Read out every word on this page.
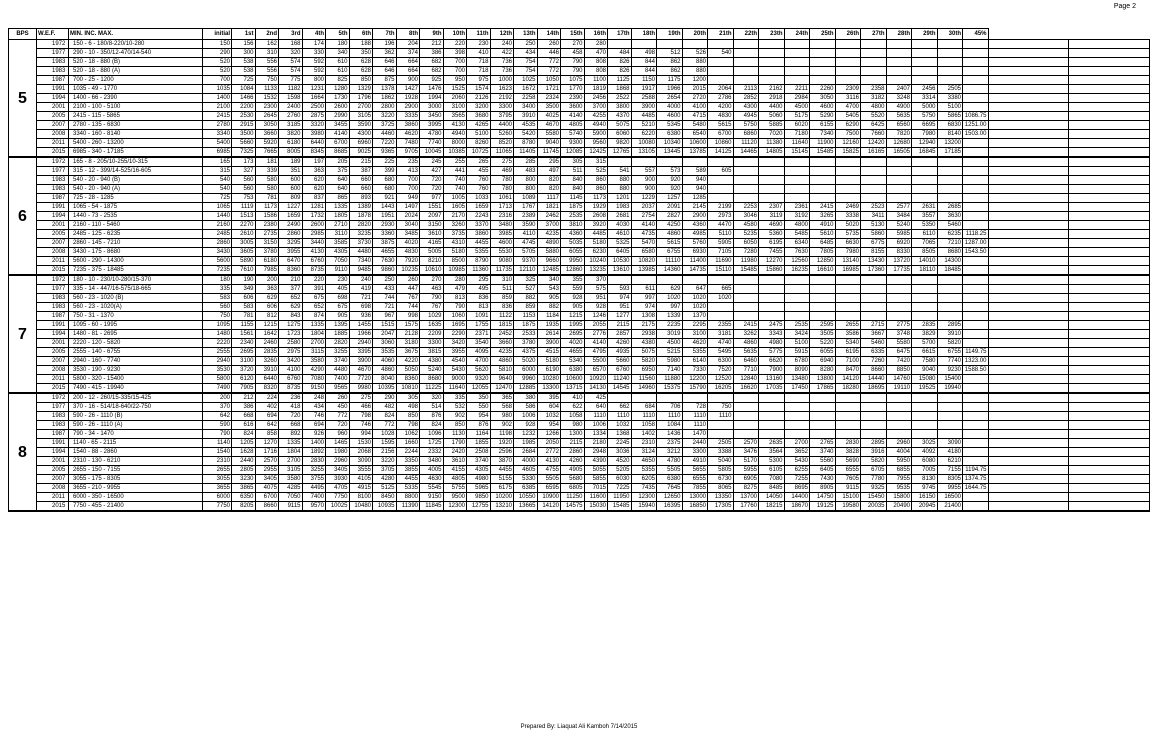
Page 2
BPS	W.E.F.	MIN. INC. MAX.	initial	1st	2nd	3rd	4th	5th	6th	7th	8th	9th	10th	11th	12th	13th	14th	15th	16th	17th	18th	19th	20th	21th	22th	23th	24th	25th	26th	27th	28th	29th	30th	45%		
5	1972	150 - 6 - 180/8-220/10-280	150	156	162	168	174	180	188	196	204	212	220	230	240	250	260	270	280																	
	1977	290 - 10 - 350/12-470/14-540	290	300	310	320	330	340	350	362	374	386	398	410	422	434	446	458	470	484	498	512	526	540												
	1983	520 - 18 - 880 (B)	520	538	556	574	592	610	628	646	664	682	700	718	736	754	772	790	808	826	844	862	880													
	1983	520 - 18 - 880 (A)	520	538	556	574	592	610	628	646	664	682	700	718	736	754	772	790	808	826	844	862	880													
	1987	700 - 25 - 1200	700	725	750	775	800	825	850	875	900	925	950	975	1000	1025	1050	1075	1100	1125	1150	1175	1200													
	1991	1035 - 49 - 1770	1035	1084	1133	1182	1231	1280	1329	1378	1427	1476	1525	1574	1623	1672	1721	1770	1819	1868	1917	1966	2015	2064	2113	2162	2211	2260	2309	2358	2407	2456	2505			
	1994	1400 - 66 - 2390	1400	1466	1532	1598	1664	1730	1796	1862	1928	1994	2060	2126	2192	2258	2324	2390	2456	2522	2588	2654	2720	2786	2852	2918	2984	3050	3116	3182	3248	3314	3380			
	2001	2100 - 100 - 5100	2100	2200	2300	2400	2500	2600	2700	2800	2900	3000	3100	3200	3300	3400	3500	3600	3700	3800	3900	4000	4100	4200	4300	4400	4500	4600	4700	4800	4900	5000	5100			
	2005	2415 - 115 - 5865	2415	2530	2645	2760	2875	2990	3105	3220	3335	3450	3565	3680	3795	3910	4025	4140	4255	4370	4485	4600	4715	4830	4945	5060	5175	5290	5405	5520	5635	5750	5865	1086.75		
	2007	2780 - 135 - 6830	2780	2915	3050	3185	3320	3455	3590	3725	3860	3995	4130	4265	4400	4535	4670	4805	4940	5075	5210	5345	5480	5615	5750	5885	6020	6155	6290	6425	6560	6695	6830	1251.00		
	2008	3340 - 160 - 8140	3340	3500	3660	3820	3980	4140	4300	4460	4620	4780	4940	5100	5260	5420	5580	5740	5900	6060	6220	6380	6540	6700	6860	7020	7180	7340	7500	7660	7820	7980	8140	1503.00		
	2011	5400 - 260 - 13200	5400	5660	5920	6180	6440	6700	6960	7220	7480	7740	8000	8260	8520	8780	9040	9300	9560	9820	10080	10340	10600	10860	11120	11380	11640	11900	12160	12420	12680	12940	13200			
	2015	6985 - 340 - 17185	6985	7325	7665	8005	8345	8685	9025	9365	9705	10045	10385	10725	11065	11405	11745	12085	12425	12765	13105	13445	13785	14125	14465	14805	15145	15485	15825	16165	16505	16845	17185			
6	1972	165 - 8 - 205/10-255/10-315	165	173	181	189	197	205	215	225	235	245	255	265	275	285	295	305	315																	
	1977	315 - 12 - 399/14-525/16-605	315	327	339	351	363	375	387	399	413	427	441	455	469	483	497	511	525	541	557	573	589	605												
	1983	540 - 20 - 940 (B)	540	560	580	600	620	640	660	680	700	720	740	760	780	800	820	840	860	880	900	920	940													
	1983	540 - 20 - 940 (A)	540	560	580	600	620	640	660	680	700	720	740	760	780	800	820	840	860	880	900	920	940													
	1987	725 - 28 - 1285	725	753	781	809	837	865	893	921	949	977	1005	1033	1061	1089	1117	1145	1173	1201	1229	1257	1285													
	1991	1065 - 54 - 1875	1065	1119	1173	1227	1281	1335	1389	1443	1497	1551	1605	1659	1713	1767	1821	1875	1929	1983	2037	2091	2145	2199	2253	2307	2361	2415	2469	2523	2577	2631	2685			
	1994	1440 - 73 - 2535	1440	1513	1586	1659	1732	1805	1878	1951	2024	2097	2170	2243	2316	2389	2462	2535	2608	2681	2754	2827	2900	2973	3046	3119	3192	3265	3338	3411	3484	3557	3630			
	2001	2160 - 110 - 5460	2160	2270	2380	2490	2600	2710	2820	2930	3040	3150	3260	3370	3480	3590	3700	3810	3920	4030	4140	4250	4360	4470	4580	4690	4800	4910	5020	5130	5240	5350	5460			
	2005	2485 - 125 - 6235	2485	2610	2735	2860	2985	3110	3235	3360	3485	3610	3735	3860	3985	4110	4235	4360	4485	4610	4735	4860	4985	5110	5235	5360	5485	5610	5735	5860	5985	6110	6235	1118.25		
	2007	2860 - 145 - 7210	2860	3005	3150	3295	3440	3585	3730	3875	4020	4165	4310	4455	4600	4745	4890	5035	5180	5325	5470	5615	5760	5905	6050	6195	6340	6485	6630	6775	6920	7065	7210	1287.00		
	2008	3430 - 175 - 8680	3430	3605	3780	3955	4130	4305	4480	4655	4830	5005	5180	5355	5530	5705	5880	6055	6230	6405	6580	6755	6930	7105	7280	7455	7630	7805	7980	8155	8330	8505	8680	1543.50		
	2011	5600 - 290 - 14300	5600	5890	6180	6470	6760	7050	7340	7630	7920	8210	8500	8790	9080	9370	9660	9950	10240	10530	10820	11110	11400	11690	11980	12270	12560	12850	13140	13430	13720	14010	14300			
	2015	7235 - 375 - 18485	7235	7610	7985	8360	8735	9110	9485	9860	10235	10610	10985	11360	11735	12110	12485	12860	13235	13610	13985	14360	14735	15110	15485	15860	16235	16610	16985	17360	17735	18110	18485			
7	1972	180 - 10 - 230/10-280/15-370	180	190	200	210	220	230	240	250	260	270	280	295	310	325	340	355	370																	
	1977	335 - 14 - 447/16-575/18-665	335	349	363	377	391	405	419	433	447	463	479	495	511	527	543	559	575	593	611	629	647	665												
	1983	560 - 23 - 1020 (B)	583	606	629	652	675	698	721	744	767	790	813	836	859	882	905	928	951	974	997	1020	1020	1020												
	1983	560 - 23 - 1020(A)	560	583	606	629	652	675	698	721	744	767	790	813	836	859	882	905	928	951	974	997	1020													
	1987	750 - 31 - 1370	750	781	812	843	874	905	936	967	998	1029	1060	1091	1122	1153	1184	1215	1246	1277	1308	1339	1370													
	1991	1095 - 60 - 1995	1095	1155	1215	1275	1335	1395	1455	1515	1575	1635	1695	1755	1815	1875	1935	1995	2055	2115	2175	2235	2295	2355	2415	2475	2535	2595	2655	2715	2775	2835	2895			
	1994	1480 - 81 - 2695	1480	1561	1642	1723	1804	1885	1966	2047	2128	2209	2290	2371	2452	2533	2614	2695	2776	2857	2938	3019	3100	3181	3262	3343	3424	3505	3586	3667	3748	3829	3910			
	2001	2220 - 120 - 5820	2220	2340	2460	2580	2700	2820	2940	3060	3180	3300	3420	3540	3660	3780	3900	4020	4140	4260	4380	4500	4620	4740	4860	4980	5100	5220	5340	5460	5580	5700	5820			
	2005	2555 - 140 - 6755	2555	2695	2835	2975	3115	3255	3395	3535	3675	3815	3955	4095	4235	4375	4515	4655	4795	4935	5075	5215	5355	5495	5635	5775	5915	6055	6195	6335	6475	6615	6755	1149.75		
	2007	2940 - 160 - 7740	2940	3100	3260	3420	3580	3740	3900	4060	4220	4380	4540	4700	4860	5020	5180	5340	5500	5660	5820	5980	6140	6300	6460	6620	6780	6940	7100	7260	7420	7580	7740	1323.00		
	2008	3530 - 190 - 9230	3530	3720	3910	4100	4290	4480	4670	4860	5050	5240	5430	5620	5810	6000	6190	6380	6570	6760	6950	7140	7330	7520	7710	7900	8090	8280	8470	8660	8850	9040	9230	1588.50		
	2011	5800 - 320 - 15400	5800	6120	6440	6760	7080	7400	7720	8040	8360	8680	9000	9320	9640	9960	10280	10600	10920	11240	11560	11880	12200	12520	12840	13160	13480	13800	14120	14440	14760	15080	15400			
	2015	7490 - 415 - 19940	7490	7905	8320	8735	9150	9565	9980	10395	10810	11225	11640	12055	12470	12885	13300	13715	14130	14545	14960	15375	15790	16205	16620	17035	17450	17865	18280	18695	19110	19525	19940			
8	1972	200 - 12 - 260/15-335/15-425	200	212	224	236	248	260	275	290	305	320	335	350	365	380	395	410	425																	
	1977	370 - 16 - 514/18-640/22-750	370	386	402	418	434	450	466	482	498	514	532	550	568	586	604	622	640	662	684	706	728	750												
	1983	590 - 26 - 1110 (B)	642	668	694	720	746	772	798	824	850	876	902	954	980	1006	1032	1058	1110	1110	1110	1110	1110	1110												
	1983	590 - 26 - 1110 (A)	590	616	642	668	694	720	746	772	798	824	850	876	902	928	954	980	1006	1032	1058	1084	1110													
	1987	790 - 34 - 1470	790	824	858	892	926	960	994	1028	1062	1096	1130	1164	1198	1232	1266	1300	1334	1368	1402	1436	1470													
	1991	1140 - 65 - 2115	1140	1205	1270	1335	1400	1465	1530	1595	1660	1725	1790	1855	1920	1985	2050	2115	2180	2245	2310	2375	2440	2505	2570	2635	2700	2765	2830	2895	2960	3025	3090			
	1994	1540 - 88 - 2860	1540	1628	1716	1804	1892	1980	2068	2156	2244	2332	2420	2508	2596	2684	2772	2860	2948	3036	3124	3212	3300	3388	3476	3564	3652	3740	3828	3916	4004	4092	4180			
	2001	2310 - 130 - 6210	2310	2440	2570	2700	2830	2960	3090	3220	3350	3480	3610	3740	3870	4000	4130	4260	4390	4520	4650	4780	4910	5040	5170	5300	5430	5560	5690	5820	5950	6080	6210			
	2005	2655 - 150 - 7155	2655	2805	2955	3105	3255	3405	3555	3705	3855	4005	4155	4305	4455	4605	4755	4905	5055	5205	5355	5505	5655	5805	5955	6105	6255	6405	6555	6705	6855	7005	7155	1194.75		
	2007	3055 - 175 - 8305	3055	3230	3405	3580	3755	3930	4105	4280	4455	4630	4805	4980	5155	5330	5505	5680	5855	6030	6205	6380	6555	6730	6905	7080	7255	7430	7605	7780	7955	8130	8305	1374.75		
	2008	3655 - 210 - 9955	3655	3865	4075	4285	4495	4705	4915	5125	5335	5545	5755	5965	6175	6385	6595	6805	7015	7225	7435	7645	7855	8065	8275	8485	8695	8905	9115	9325	9535	9745	9955	1644.75		
	2011	6000 - 350 - 16500	6000	6350	6700	7050	7400	7750	8100	8450	8800	9150	9500	9850	10200	10550	10900	11250	11600	11950	12300	12650	13000	13350	13700	14050	14400	14750	15100	15450	15800	16150	16500			
	2015	7750 - 455 - 21400	7750	8205	8660	9115	9570	10025	10480	10935	11390	11845	12300	12755	13210	13665	14120	14575	15030	15485	15940	16395	16850	17305	17760	18215	18670	19125	19580	20035	20490	20945	21400			
Prepared By: Liaquat Ali Kamboh 7/14/2015
